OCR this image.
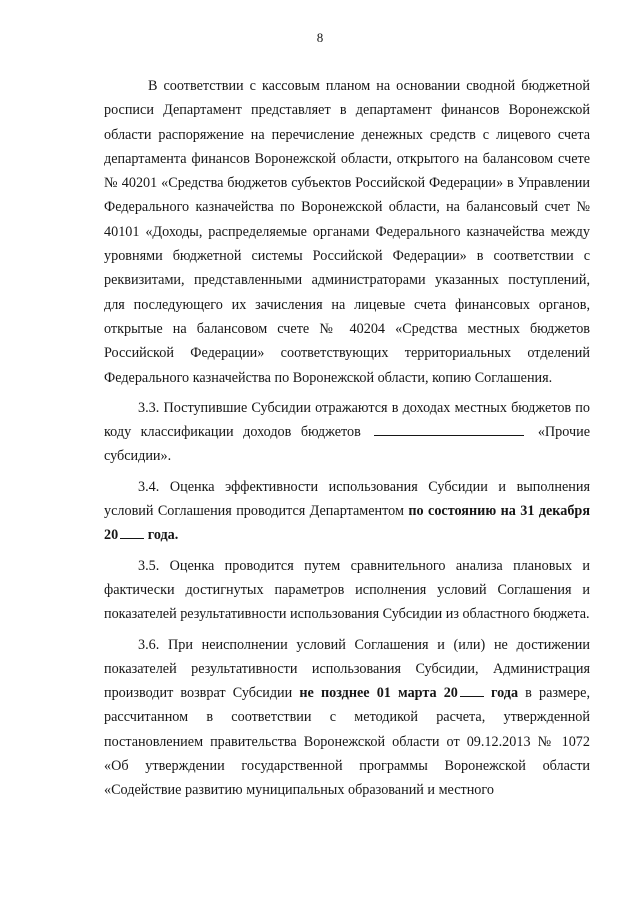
8

В соответствии с кассовым планом на основании сводной бюджетной росписи Департамент представляет в департамент финансов Воронежской области распоряжение на перечисление денежных средств с лицевого счета департамента финансов Воронежской области, открытого на балансовом счете № 40201 «Средства бюджетов субъектов Российской Федерации» в Управлении Федерального казначейства по Воронежской области, на балансовый счет № 40101 «Доходы, распределяемые органами Федерального казначейства между уровнями бюджетной системы Российской Федерации» в соответствии с реквизитами, представленными администраторами указанных поступлений, для последующего их зачисления на лицевые счета финансовых органов, открытые на балансовом счете № 40204 «Средства местных бюджетов Российской Федерации» соответствующих территориальных отделений Федерального казначейства по Воронежской области, копию Соглашения.

3.3. Поступившие Субсидии отражаются в доходах местных бюджетов по коду классификации доходов бюджетов	«Прочие субсидии».

3.4. Оценка эффективности использования Субсидии и выполнения условий Соглашения проводится Департаментом по состоянию на 31 декабря 20 года.

3.5. Оценка проводится путем сравнительного анализа плановых и фактически достигнутых параметров исполнения условий Соглашения и показателей результативности использования Субсидии из областного бюджета.

3.6. При неисполнении условий Соглашения и (или) не достижении показателей результативности использования Субсидии, Администрация производит возврат Субсидии не позднее 01 марта 20 года в размере, рассчитанном в соответствии с методикой расчета, утвержденной постановлением правительства Воронежской области от 09.12.2013 № 1072 «Об утверждении государственной программы Воронежской области «Содействие развитию муниципальных образований и местного
